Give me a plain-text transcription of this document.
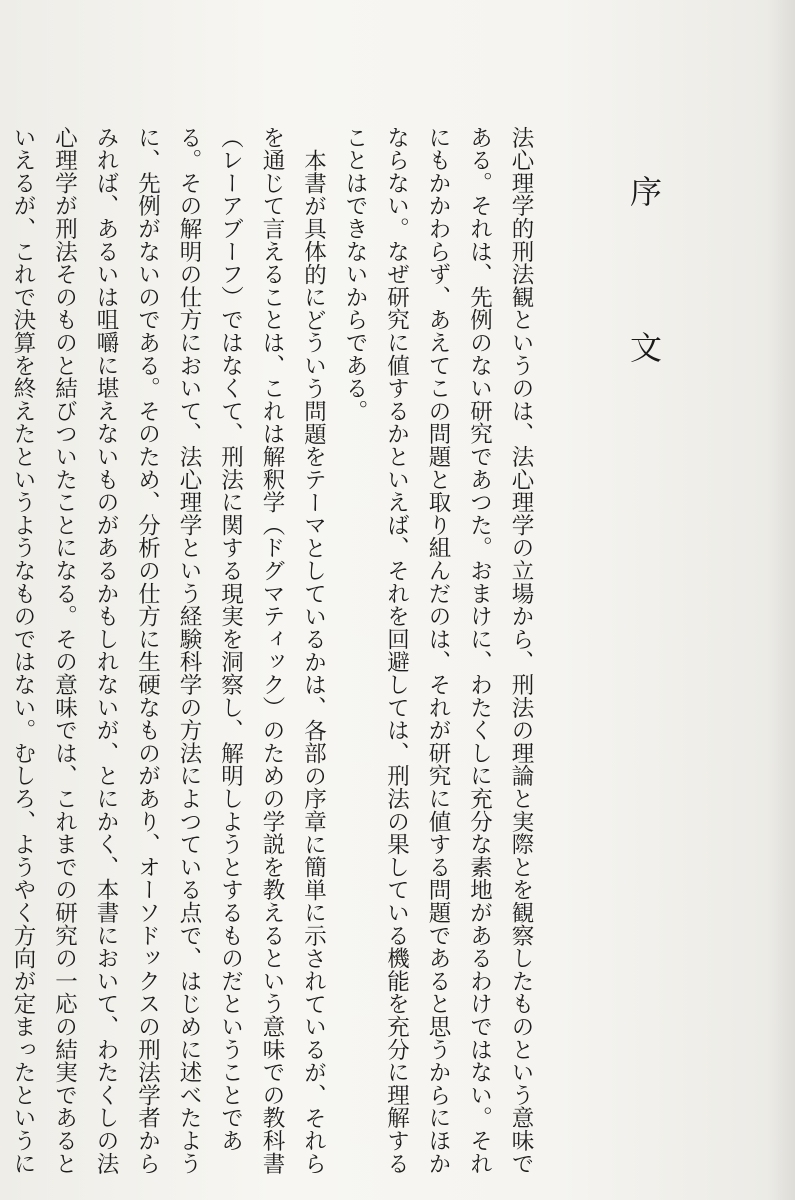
序　文

法心理学的刑法観というのは、法心理学の立場から、刑法の理論と実際とを観察したものという意味である。それは、先例のない研究であつた。おまけに、わたくしに充分な素地があるわけではない。それにもかかわらず、あえてこの問題と取り組んだのは、それが研究に値する問題であると思うからにほかならない。なぜ研究に値するかといえば、それを回避しては、刑法の果している機能を充分に理解することはできないからである。

本書が具体的にどういう問題をテーマとしているかは、各部の序章に簡単に示されているが、それらを通じて言えることは、これは解釈学（ドグマティック）のための学説を教えるという意味での教科書（レーアブーフ）ではなくて、刑法に関する現実を洞察し、解明しようとするものだということである。その解明の仕方において、法心理学という経験科学の方法によつている点で、はじめに述べたように、先例がないのである。そのため、分析の仕方に生硬なものがあり、オーソドックスの刑法学者からみれば、あるいは咀嚼に堪えないものがあるかもしれないが、とにかく、本書において、わたくしの法心理学が刑法そのものと結びついたことになる。その意味では、これまでの研究の一応の結実であるといえるが、これで決算を終えたというようなものではない。むしろ、ようやく方向が定まったというに
